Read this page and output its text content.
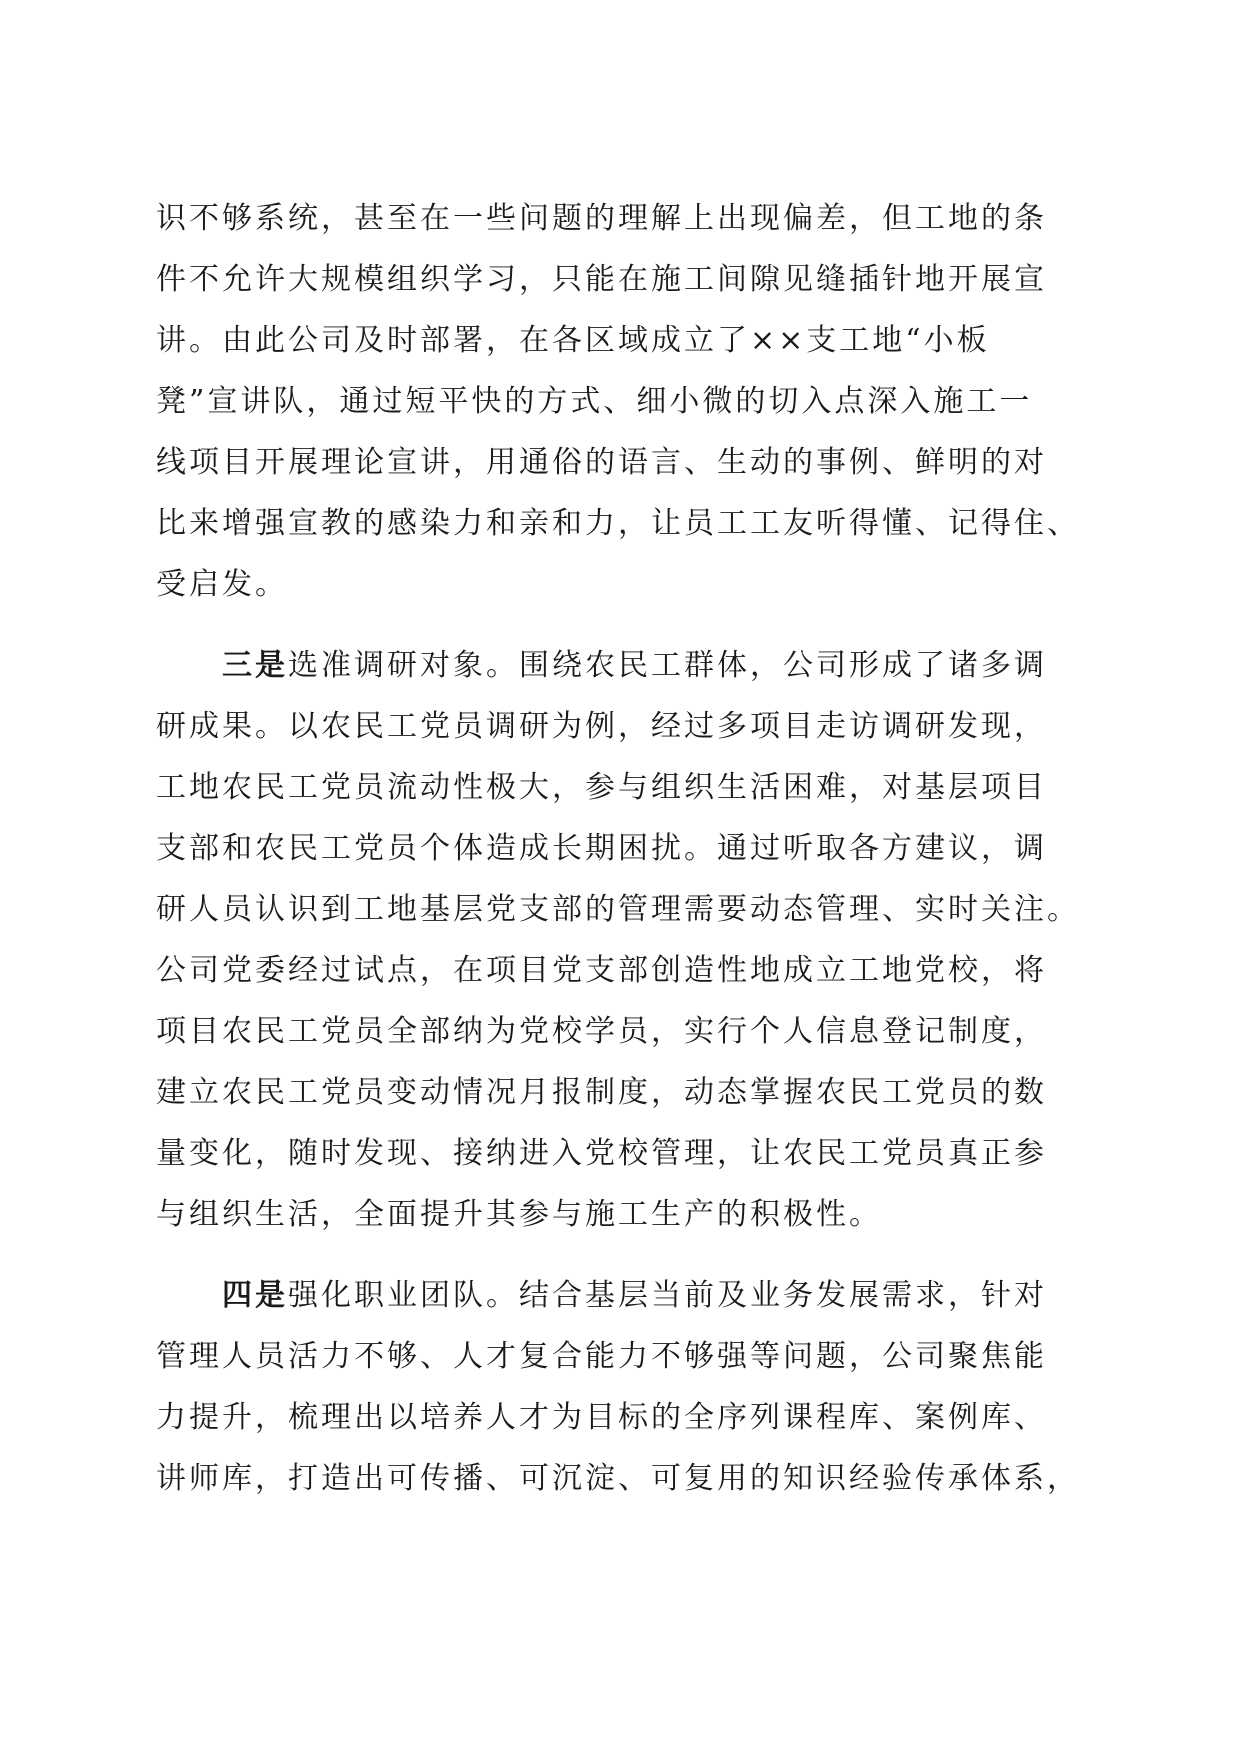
识不够系统，甚至在一些问题的理解上出现偏差，但工地的条
件不允许大规模组织学习，只能在施工间隙见缝插针地开展宣
讲。由此公司及时部署，在各区域成立了××支工地“小板
凳”宣讲队，通过短平快的方式、细小微的切入点深入施工一
线项目开展理论宣讲，用通俗的语言、生动的事例、鲜明的对
比来增强宣教的感染力和亲和力，让员工工友听得懂、记得住、
受启发。
三是选准调研对象。围绕农民工群体，公司形成了诸多调
研成果。以农民工党员调研为例，经过多项目走访调研发现，
工地农民工党员流动性极大，参与组织生活困难，对基层项目
支部和农民工党员个体造成长期困扰。通过听取各方建议，调
研人员认识到工地基层党支部的管理需要动态管理、实时关注。
公司党委经过试点，在项目党支部创造性地成立工地党校，将
项目农民工党员全部纳为党校学员，实行个人信息登记制度，
建立农民工党员变动情况月报制度，动态掌握农民工党员的数
量变化，随时发现、接纳进入党校管理，让农民工党员真正参
与组织生活，全面提升其参与施工生产的积极性。
四是强化职业团队。结合基层当前及业务发展需求，针对
管理人员活力不够、人才复合能力不够强等问题，公司聚焦能
力提升，梳理出以培养人才为目标的全序列课程库、案例库、
讲师库，打造出可传播、可沉淀、可复用的知识经验传承体系，
